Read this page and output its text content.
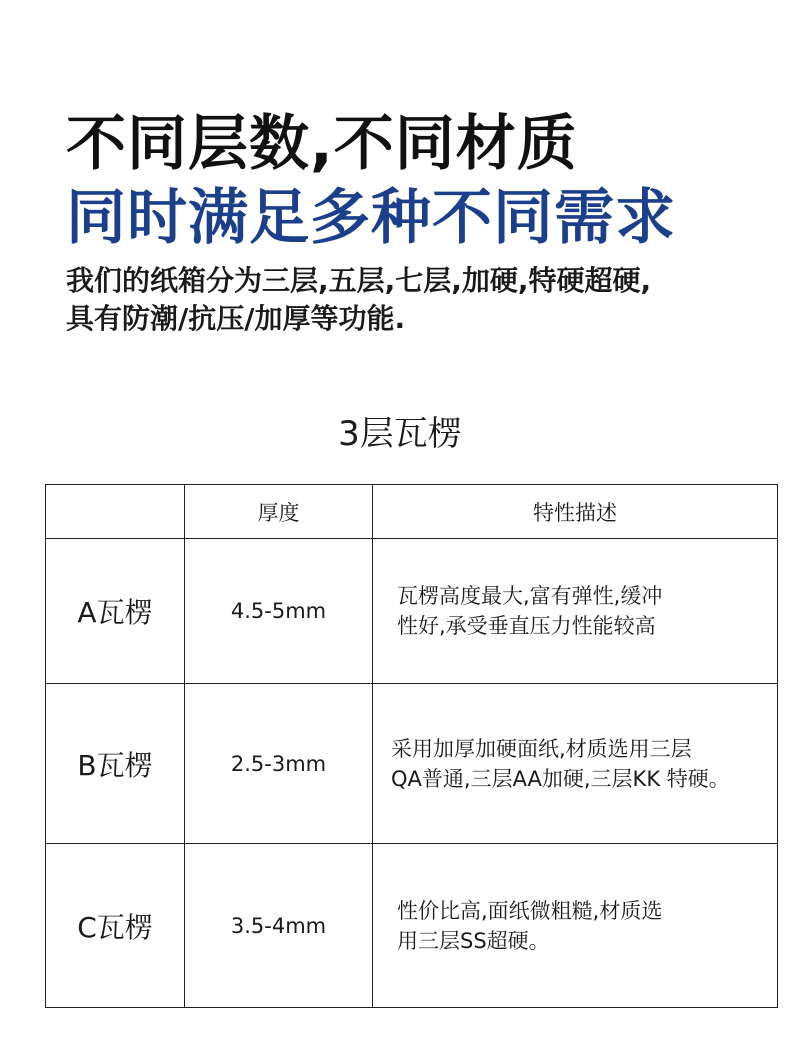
不同层数,不同材质
同时满足多种不同需求

我们的纸箱分为三层,五层,七层,加硬,特硬超硬,
具有防潮/抗压/加厚等功能.

3层瓦楞
	厚度	特性描述
A瓦楞	4.5-5mm	瓦楞高度最大,富有弹性,缓冲
性好,承受垂直压力性能较高

B瓦楞	2.5-3mm	采用加厚加硬面纸,材质选用三层
QA普通,三层AA加硬,三层KK 特硬。

C瓦楞	3.5-4mm	性价比高,面纸微粗糙,材质选
用三层SS超硬。
